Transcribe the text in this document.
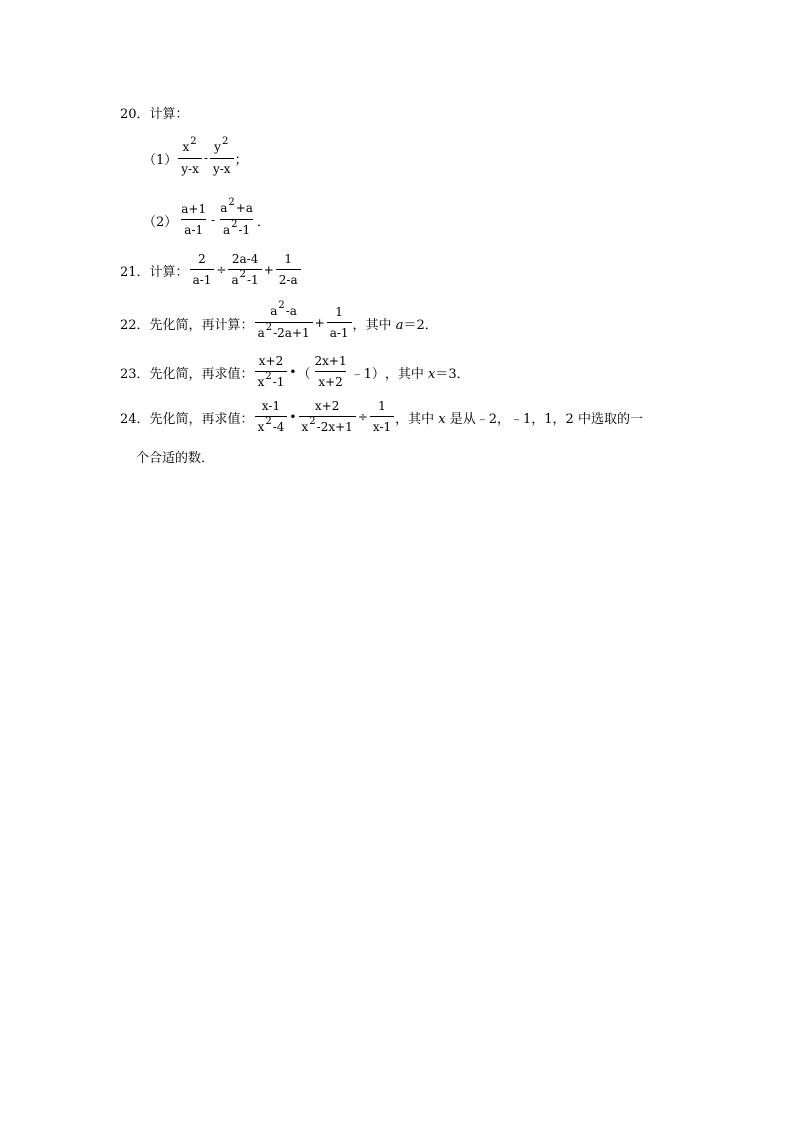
20． 计算：
$(1) \frac{x^2}{y-x} - \frac{y^2}{y-x}$ ；
$(2) \frac{a+1}{a-1} - \frac{a^2+a}{a^2-1}$ ．
21． 计算： $\frac{2}{a-1} \div \frac{2a-4}{a^2-1} + \frac{1}{2-a}$
22． 先化简，再计算： $\frac{a^2-a}{a^2-2a+1} + \frac{1}{a-1}$ ，其中 a＝2．
23． 先化简，再求值： $\frac{x+2}{x^2-1}$ • （ $\frac{2x+1}{x+2}$ ﹣1） ，其中 x＝3．
24． 先化简，再求值： $\frac{x-1}{x^2-4}$ • $\frac{x+2}{x^2-2x+1} \div \frac{1}{x-1}$ ，其中 x 是从﹣2，﹣1，1，2 中选取的一
个合适的数．
